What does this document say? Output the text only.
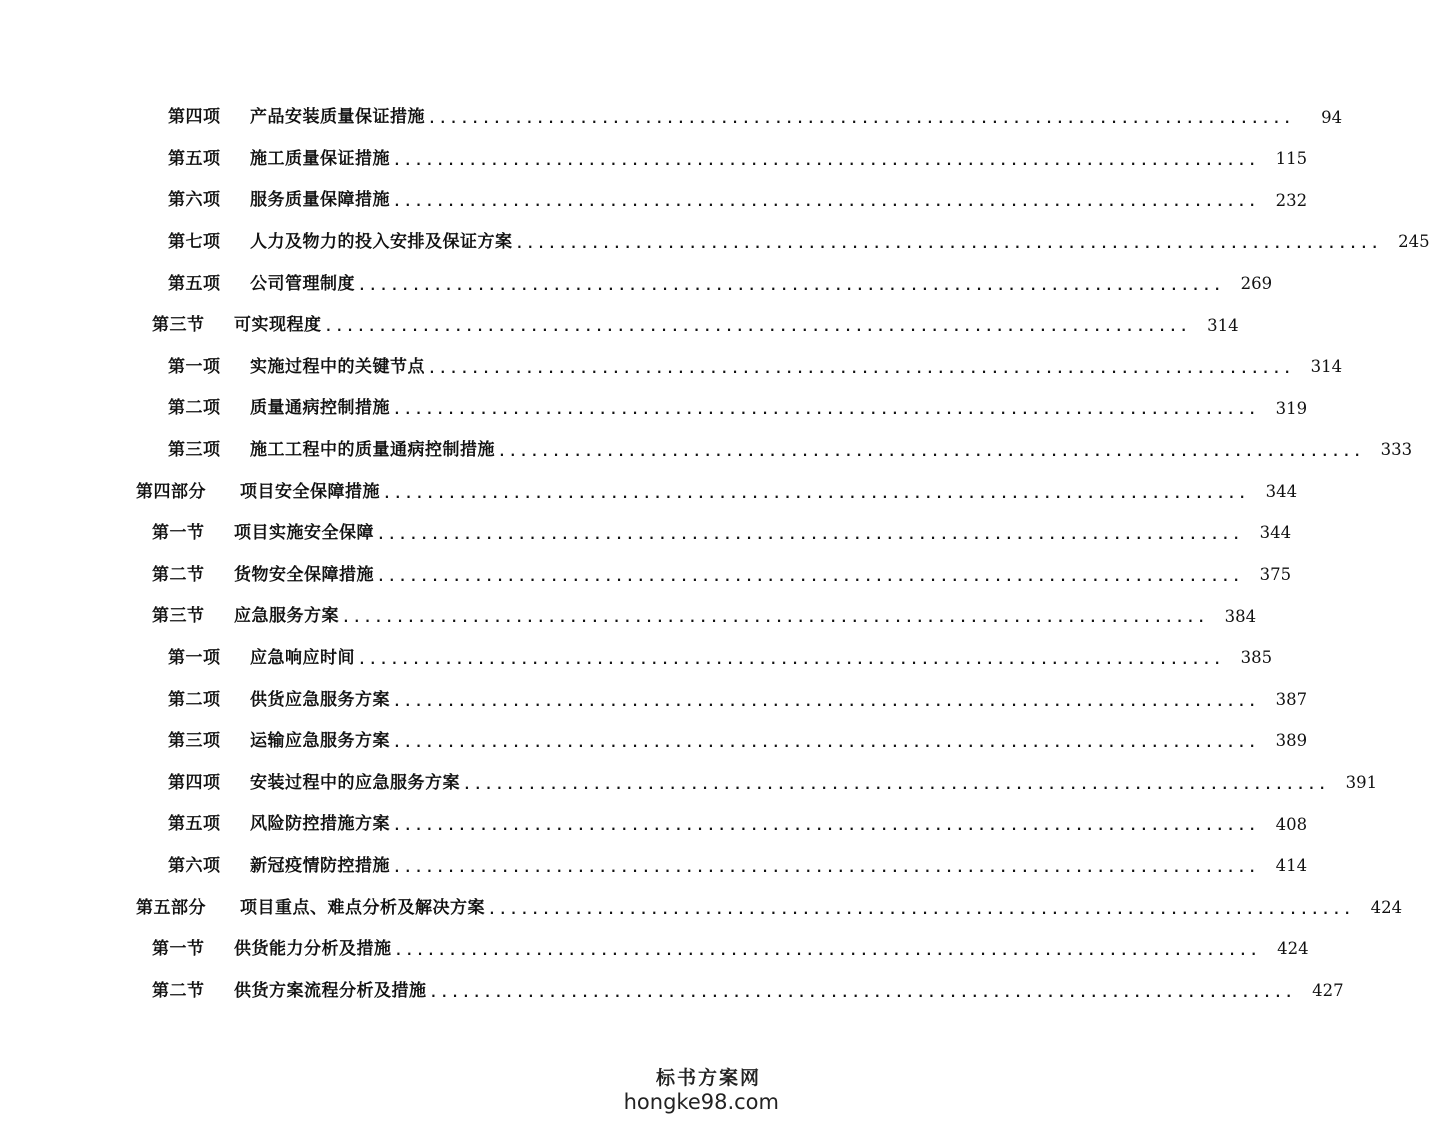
第四项	产品安装质量保证措施 ................................................................................	94
第五项	施工质量保证措施 ................................................................................	115
第六项	服务质量保障措施 ................................................................................	232
第七项	人力及物力的投入安排及保证方案 ................................................................................	245
第五项	公司管理制度 ................................................................................	269
第三节	可实现程度 ................................................................................	314
第一项	实施过程中的关键节点 ................................................................................	314
第二项	质量通病控制措施 ................................................................................	319
第三项	施工工程中的质量通病控制措施 ................................................................................	333
第四部分	项目安全保障措施 ................................................................................	344
第一节	项目实施安全保障 ................................................................................	344
第二节	货物安全保障措施 ................................................................................	375
第三节	应急服务方案 ................................................................................	384
第一项	应急响应时间 ................................................................................	385
第二项	供货应急服务方案 ................................................................................	387
第三项	运输应急服务方案 ................................................................................	389
第四项	安装过程中的应急服务方案 ................................................................................	391
第五项	风险防控措施方案 ................................................................................	408
第六项	新冠疫情防控措施 ................................................................................	414
第五部分	项目重点、难点分析及解决方案 ................................................................................	424
第一节	供货能力分析及措施 ................................................................................	424
第二节	供货方案流程分析及措施 ................................................................................	427
标书方案网
hongke98.com
